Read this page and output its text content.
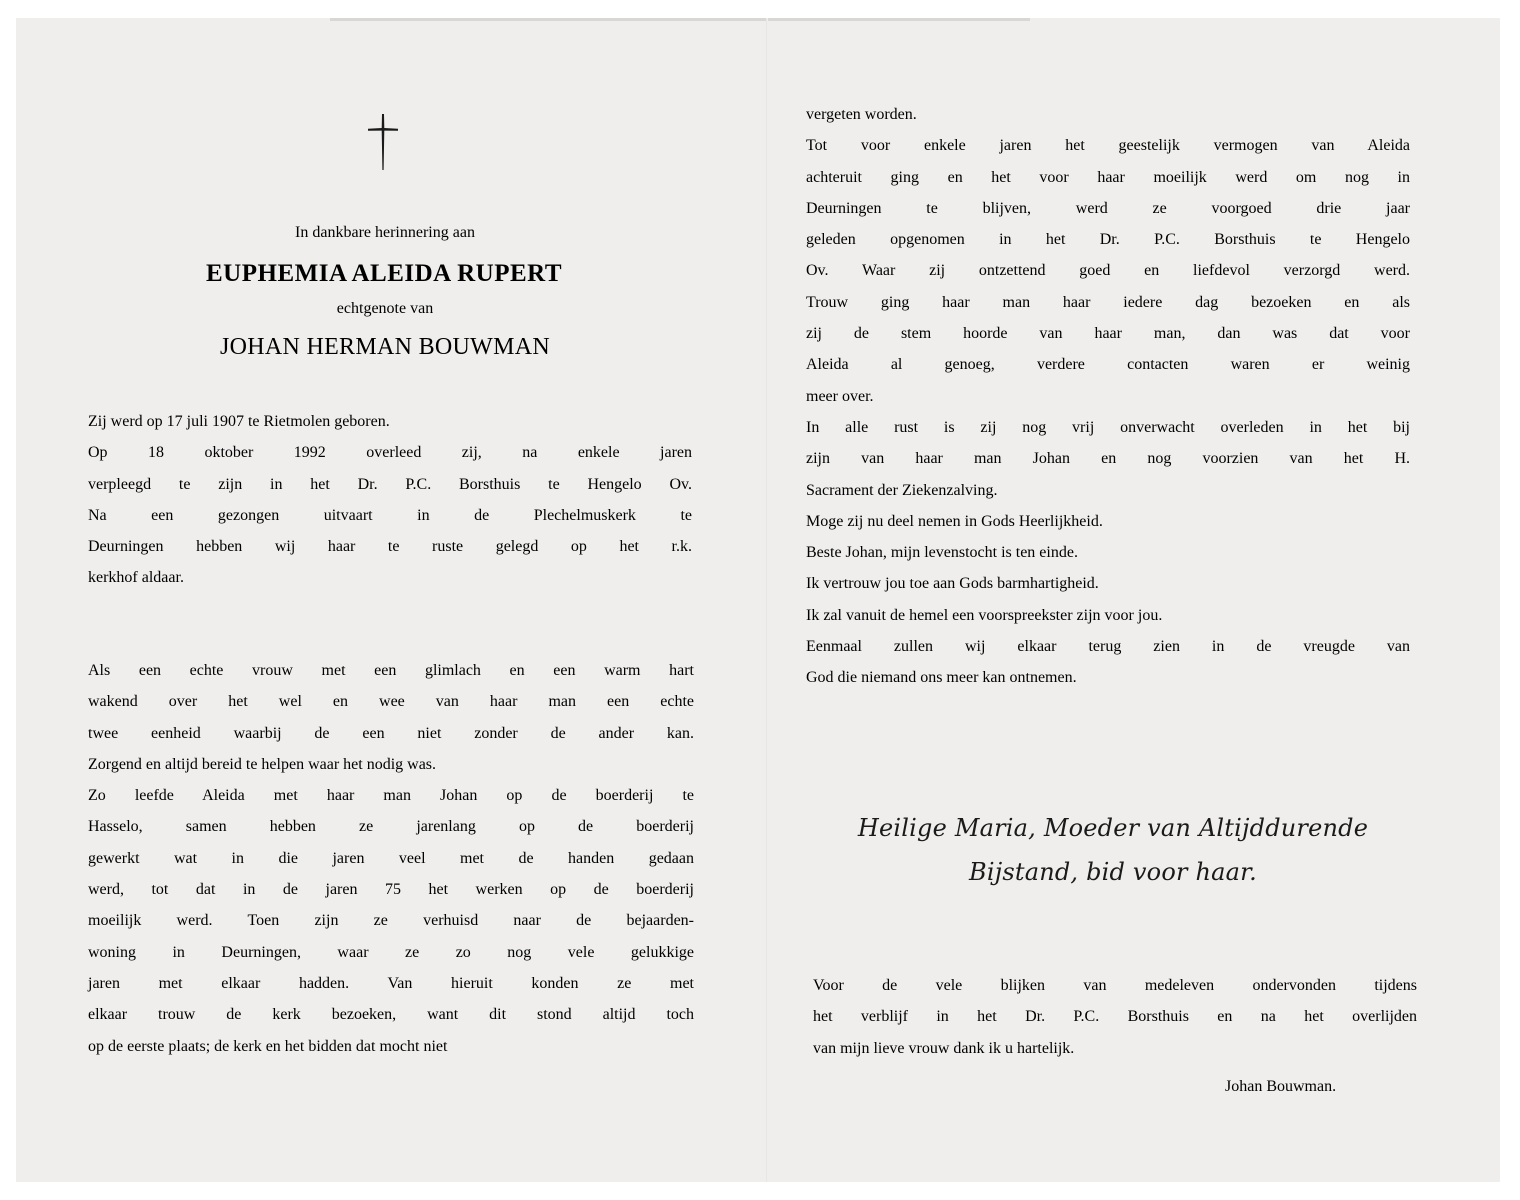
In dankbare herinnering aan
EUPHEMIA ALEIDA RUPERT
echtgenote van
JOHAN HERMAN BOUWMAN
Zij werd op 17 juli 1907 te Rietmolen geboren.
Op 18 oktober 1992 overleed zij, na enkele jaren
verpleegd te zijn in het Dr. P.C. Borsthuis te Hengelo Ov.
Na een gezongen uitvaart in de Plechelmuskerk te
Deurningen hebben wij haar te ruste gelegd op het r.k.
kerkhof aldaar.
Als een echte vrouw met een glimlach en een warm hart
wakend over het wel en wee van haar man een echte
twee eenheid waarbij de een niet zonder de ander kan.
Zorgend en altijd bereid te helpen waar het nodig was.
Zo leefde Aleida met haar man Johan op de boerderij te
Hasselo, samen hebben ze jarenlang op de boerderij
gewerkt wat in die jaren veel met de handen gedaan
werd, tot dat in de jaren 75 het werken op de boerderij
moeilijk werd. Toen zijn ze verhuisd naar de bejaarden-
woning in Deurningen, waar ze zo nog vele gelukkige
jaren met elkaar hadden. Van hieruit konden ze met
elkaar trouw de kerk bezoeken, want dit stond altijd toch
op de eerste plaats; de kerk en het bidden dat mocht niet
vergeten worden.
Tot voor enkele jaren het geestelijk vermogen van Aleida
achteruit ging en het voor haar moeilijk werd om nog in
Deurningen te blijven, werd ze voorgoed drie jaar
geleden opgenomen in het Dr. P.C. Borsthuis te Hengelo
Ov. Waar zij ontzettend goed en liefdevol verzorgd werd.
Trouw ging haar man haar iedere dag bezoeken en als
zij de stem hoorde van haar man, dan was dat voor
Aleida al genoeg, verdere contacten waren er weinig
meer over.
In alle rust is zij nog vrij onverwacht overleden in het bij
zijn van haar man Johan en nog voorzien van het H.
Sacrament der Ziekenzalving.
Moge zij nu deel nemen in Gods Heerlijkheid.
Beste Johan, mijn levenstocht is ten einde.
Ik vertrouw jou toe aan Gods barmhartigheid.
Ik zal vanuit de hemel een voorspreekster zijn voor jou.
Eenmaal zullen wij elkaar terug zien in de vreugde van
God die niemand ons meer kan ontnemen.
Heilige Maria, Moeder van Altijddurende
Bijstand, bid voor haar.
Voor de vele blijken van medeleven ondervonden tijdens
het verblijf in het Dr. P.C. Borsthuis en na het overlijden
van mijn lieve vrouw dank ik u hartelijk.
Johan Bouwman.
